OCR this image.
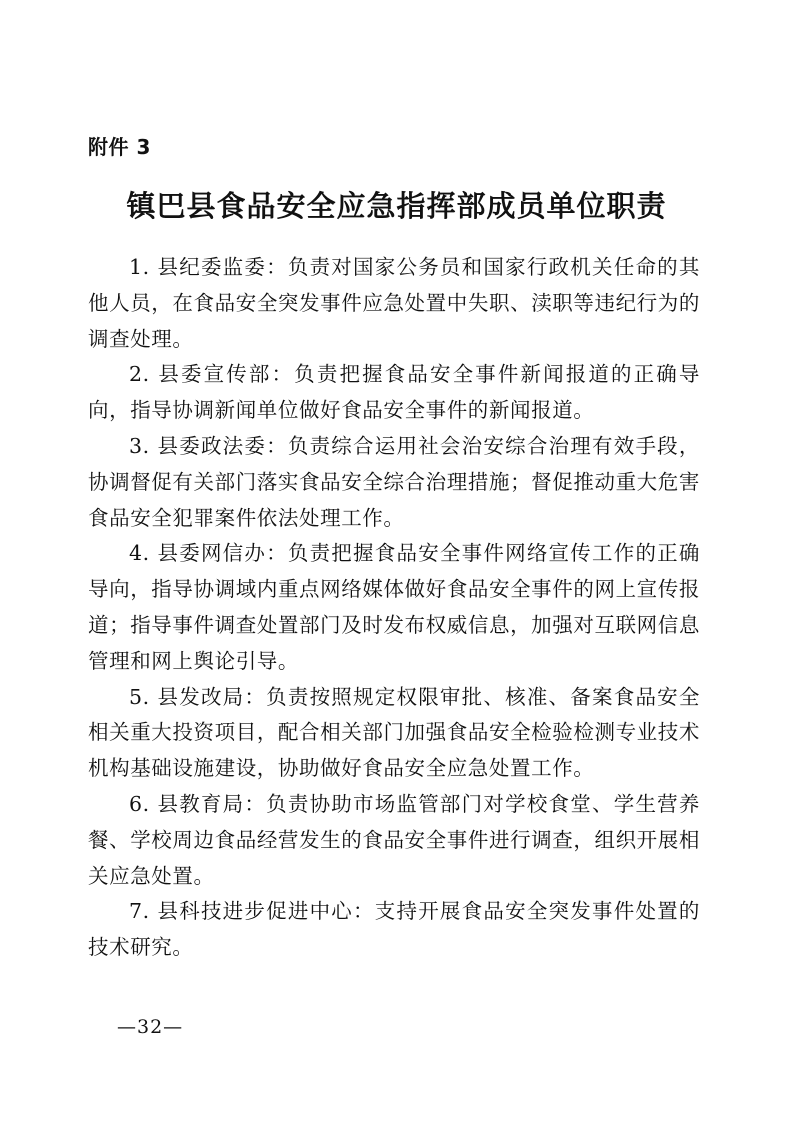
附件 3
镇巴县食品安全应急指挥部成员单位职责

1. 县纪委监委：负责对国家公务员和国家行政机关任命的其他人员，在食品安全突发事件应急处置中失职、渎职等违纪行为的调查处理。

2. 县委宣传部：负责把握食品安全事件新闻报道的正确导向，指导协调新闻单位做好食品安全事件的新闻报道。

3. 县委政法委：负责综合运用社会治安综合治理有效手段，协调督促有关部门落实食品安全综合治理措施；督促推动重大危害食品安全犯罪案件依法处理工作。

4. 县委网信办：负责把握食品安全事件网络宣传工作的正确导向，指导协调域内重点网络媒体做好食品安全事件的网上宣传报道；指导事件调查处置部门及时发布权威信息，加强对互联网信息管理和网上舆论引导。

5. 县发改局：负责按照规定权限审批、核准、备案食品安全相关重大投资项目，配合相关部门加强食品安全检验检测专业技术机构基础设施建设，协助做好食品安全应急处置工作。

6. 县教育局：负责协助市场监管部门对学校食堂、学生营养餐、学校周边食品经营发生的食品安全事件进行调查，组织开展相关应急处置。

7. 县科技进步促进中心：支持开展食品安全突发事件处置的技术研究。

—32—
